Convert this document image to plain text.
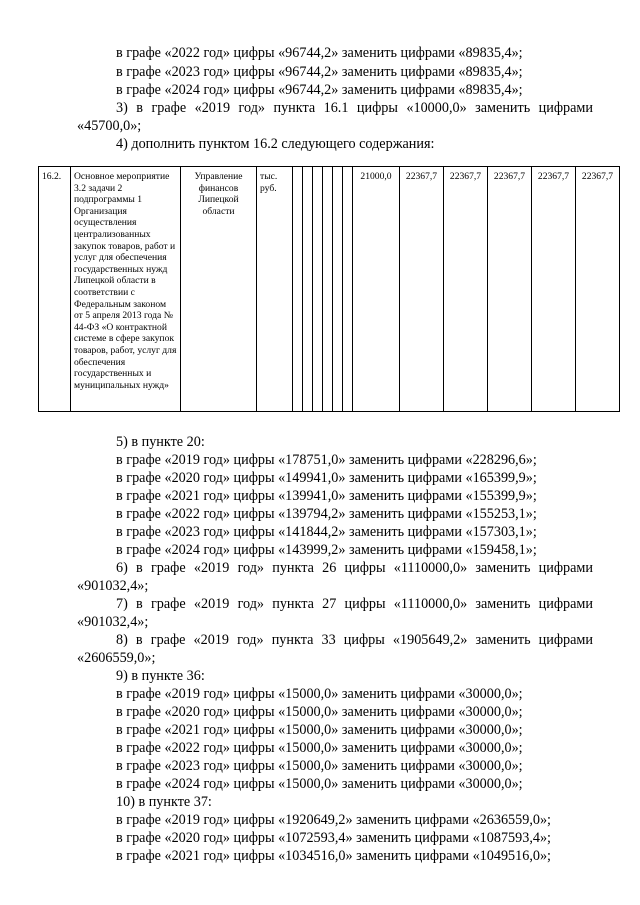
в графе «2022 год» цифры «96744,2» заменить цифрами «89835,4»;
в графе «2023 год» цифры «96744,2» заменить цифрами «89835,4»;
в графе «2024 год» цифры «96744,2» заменить цифрами «89835,4»;
3) в графе «2019 год» пункта 16.1 цифры «10000,0» заменить цифрами
«45700,0»;
4) дополнить пунктом 16.2 следующего содержания:
16.2.	Основное мероприятие 3.2 задачи 2 подпрограммы 1 Организация осуществления централизованных закупок товаров, работ и услуг для обеспечения государственных нужд Липецкой области в соответствии с Федеральным законом от 5 апреля 2013 года № 44-ФЗ «О контрактной системе в сфере закупок товаров, работ, услуг для обеспечения государственных и муниципальных нужд»	Управление финансов Липецкой области	тыс. руб.							21000,0	22367,7	22367,7	22367,7	22367,7	22367,7
5) в пункте 20:
в графе «2019 год» цифры «178751,0» заменить цифрами «228296,6»;
в графе «2020 год» цифры «149941,0» заменить цифрами «165399,9»;
в графе «2021 год» цифры «139941,0» заменить цифрами «155399,9»;
в графе «2022 год» цифры «139794,2» заменить цифрами «155253,1»;
в графе «2023 год» цифры «141844,2» заменить цифрами «157303,1»;
в графе «2024 год» цифры «143999,2» заменить цифрами «159458,1»;
6) в графе «2019 год» пункта 26 цифры «1110000,0» заменить цифрами
«901032,4»;
7) в графе «2019 год» пункта 27 цифры «1110000,0» заменить цифрами
«901032,4»;
8) в графе «2019 год» пункта 33 цифры «1905649,2» заменить цифрами
«2606559,0»;
9) в пункте 36:
в графе «2019 год» цифры «15000,0» заменить цифрами «30000,0»;
в графе «2020 год» цифры «15000,0» заменить цифрами «30000,0»;
в графе «2021 год» цифры «15000,0» заменить цифрами «30000,0»;
в графе «2022 год» цифры «15000,0» заменить цифрами «30000,0»;
в графе «2023 год» цифры «15000,0» заменить цифрами «30000,0»;
в графе «2024 год» цифры «15000,0» заменить цифрами «30000,0»;
10) в пункте 37:
в графе «2019 год» цифры «1920649,2» заменить цифрами «2636559,0»;
в графе «2020 год» цифры «1072593,4» заменить цифрами «1087593,4»;
в графе «2021 год» цифры «1034516,0» заменить цифрами «1049516,0»;
